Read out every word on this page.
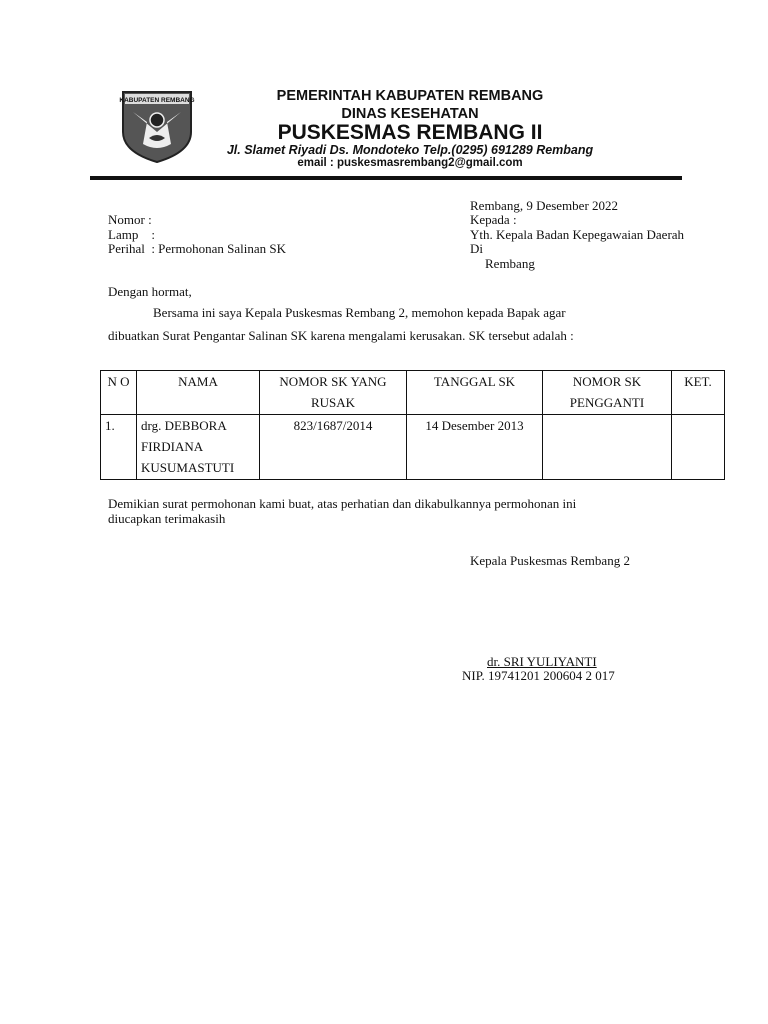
KABUPATEN REMBANG	PEMERINTAH KABUPATEN REMBANG
DINAS KESEHATAN
PUSKESMAS REMBANG II
Jl. Slamet Riyadi Ds. Mondoteko Telp.(0295) 691289 Rembang
email : puskesmasrembang2@gmail.com
Rembang, 9 Desember 2022
Nomor :
Lamp    :
Perihal  : Permohonan Salinan SK
Kepada :
Yth. Kepala Badan Kepegawaian Daerah
Di
Rembang
Dengan hormat,
Bersama ini saya Kepala Puskesmas Rembang 2, memohon kepada Bapak agar
dibuatkan Surat Pengantar Salinan SK karena mengalami kerusakan. SK tersebut adalah :
N O	NAMA	NOMOR SK YANG RUSAK	TANGGAL SK	NOMOR SK PENGGANTI	KET.
1.	drg. DEBBORA FIRDIANA KUSUMASTUTI	823/1687/2014	14 Desember 2013		
Demikian surat permohonan kami buat, atas perhatian dan dikabulkannya permohonan ini
diucapkan terimakasih
Kepala Puskesmas Rembang 2
dr. SRI YULIYANTI
NIP. 19741201 200604 2 017
